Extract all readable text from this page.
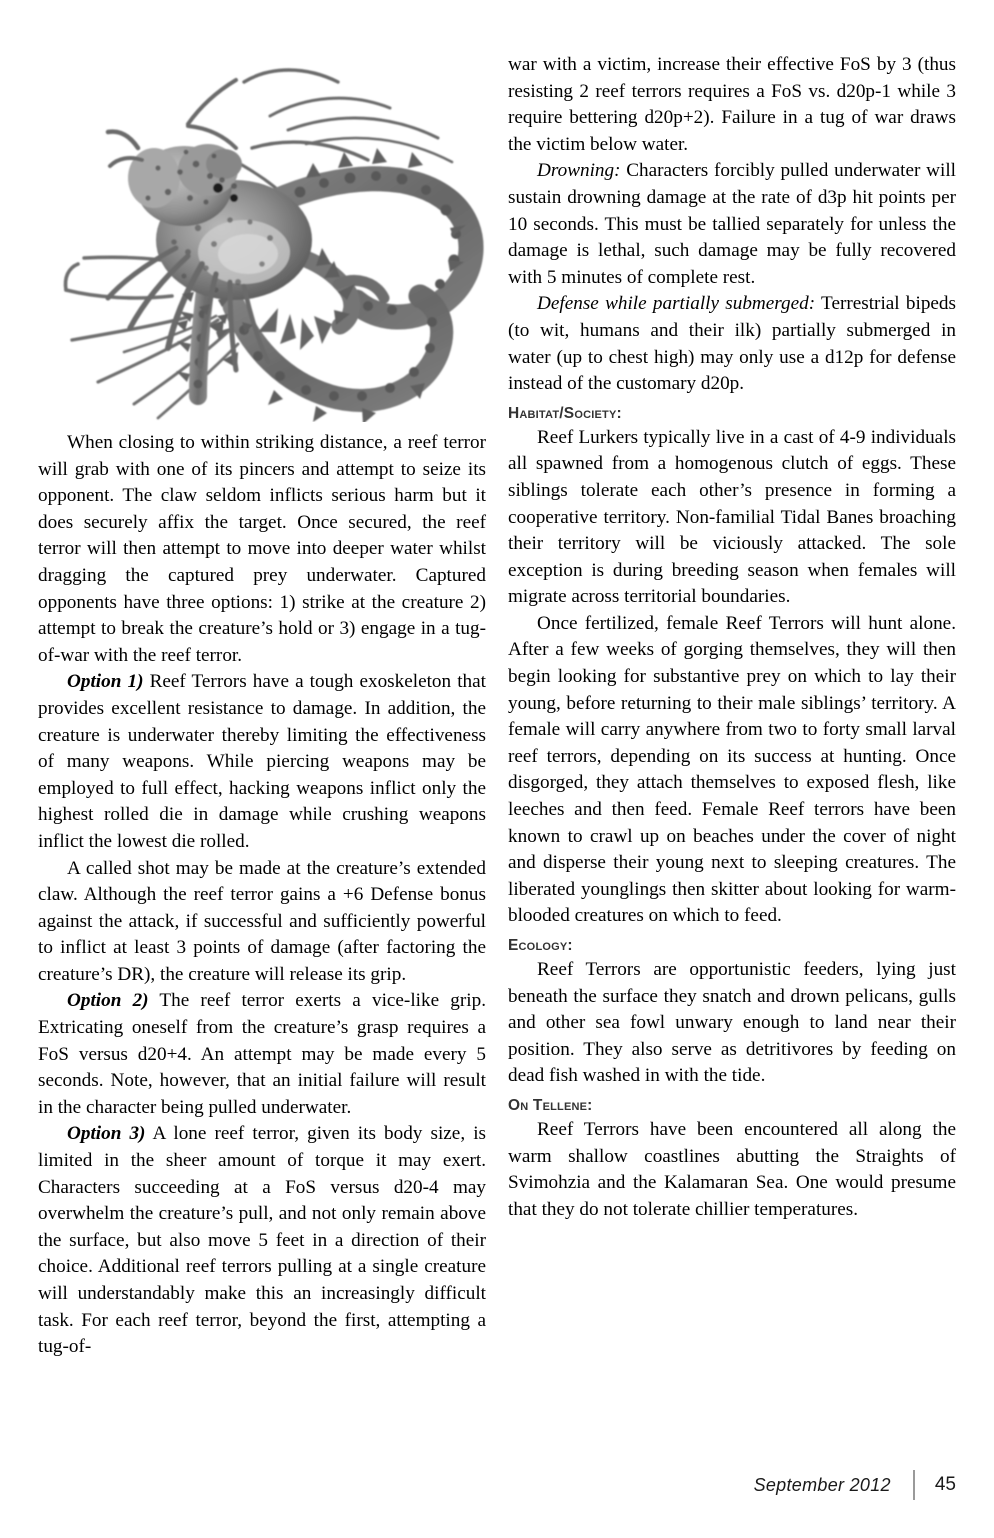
When closing to within striking distance, a reef terror will grab with one of its pincers and attempt to seize its opponent. The claw seldom inflicts serious harm but it does securely affix the target. Once secured, the reef terror will then attempt to move into deeper water whilst dragging the captured prey underwater. Captured opponents have three options: 1) strike at the creature 2) attempt to break the creature’s hold or 3) engage in a tug-of-war with the reef terror.

Option 1) Reef Terrors have a tough exoskeleton that provides excellent resistance to damage. In addition, the creature is underwater thereby limiting the effectiveness of many weapons. While piercing weapons may be employed to full effect, hacking weapons inflict only the highest rolled die in damage while crushing weapons inflict the lowest die rolled.

A called shot may be made at the creature’s extended claw. Although the reef terror gains a +6 Defense bonus against the attack, if successful and sufficiently powerful to inflict at least 3 points of damage (after factoring the creature’s DR), the creature will release its grip.

Option 2) The reef terror exerts a vice-like grip. Extricating oneself from the creature’s grasp requires a FoS versus d20+4. An attempt may be made every 5 seconds. Note, however, that an initial failure will result in the character being pulled underwater.

Option 3) A lone reef terror, given its body size, is limited in the sheer amount of torque it may exert. Characters succeeding at a FoS versus d20-4 may overwhelm the creature’s pull, and not only remain above the surface, but also move 5 feet in a direction of their choice. Additional reef terrors pulling at a single creature will understandably make this an increasingly difficult task. For each reef terror, beyond the first, attempting a tug-of-

war with a victim, increase their effective FoS by 3 (thus resisting 2 reef terrors requires a FoS vs. d20p-1 while 3 require bettering d20p+2). Failure in a tug of war draws the victim below water.

Drowning: Characters forcibly pulled underwater will sustain drowning damage at the rate of d3p hit points per 10 seconds. This must be tallied separately for unless the damage is lethal, such damage may be fully recovered with 5 minutes of complete rest.

Defense while partially submerged: Terrestrial bipeds (to wit, humans and their ilk) partially submerged in water (up to chest high) may only use a d12p for defense instead of the customary d20p.

Habitat/Society:

Reef Lurkers typically live in a cast of 4-9 individuals all spawned from a homogenous clutch of eggs. These siblings tolerate each other’s presence in forming a cooperative territory. Non-familial Tidal Banes broaching their territory will be viciously attacked. The sole exception is during breeding season when females will migrate across territorial boundaries.

Once fertilized, female Reef Terrors will hunt alone. After a few weeks of gorging themselves, they will then begin looking for substantive prey on which to lay their young, before returning to their male siblings’ territory. A female will carry anywhere from two to forty small larval reef terrors, depending on its success at hunting. Once disgorged, they attach themselves to exposed flesh, like leeches and then feed. Female Reef terrors have been known to crawl up on beaches under the cover of night and disperse their young next to sleeping creatures. The liberated younglings then skitter about looking for warm-blooded creatures on which to feed.

Ecology:

Reef Terrors are opportunistic feeders, lying just beneath the surface they snatch and drown pelicans, gulls and other sea fowl unwary enough to land near their position. They also serve as detritivores by feeding on dead fish washed in with the tide.

On Tellene:

Reef Terrors have been encountered all along the warm shallow coastlines abutting the Straights of Svimohzia and the Kalamaran Sea. One would presume that they do not tolerate chillier temperatures.

September 2012 45
